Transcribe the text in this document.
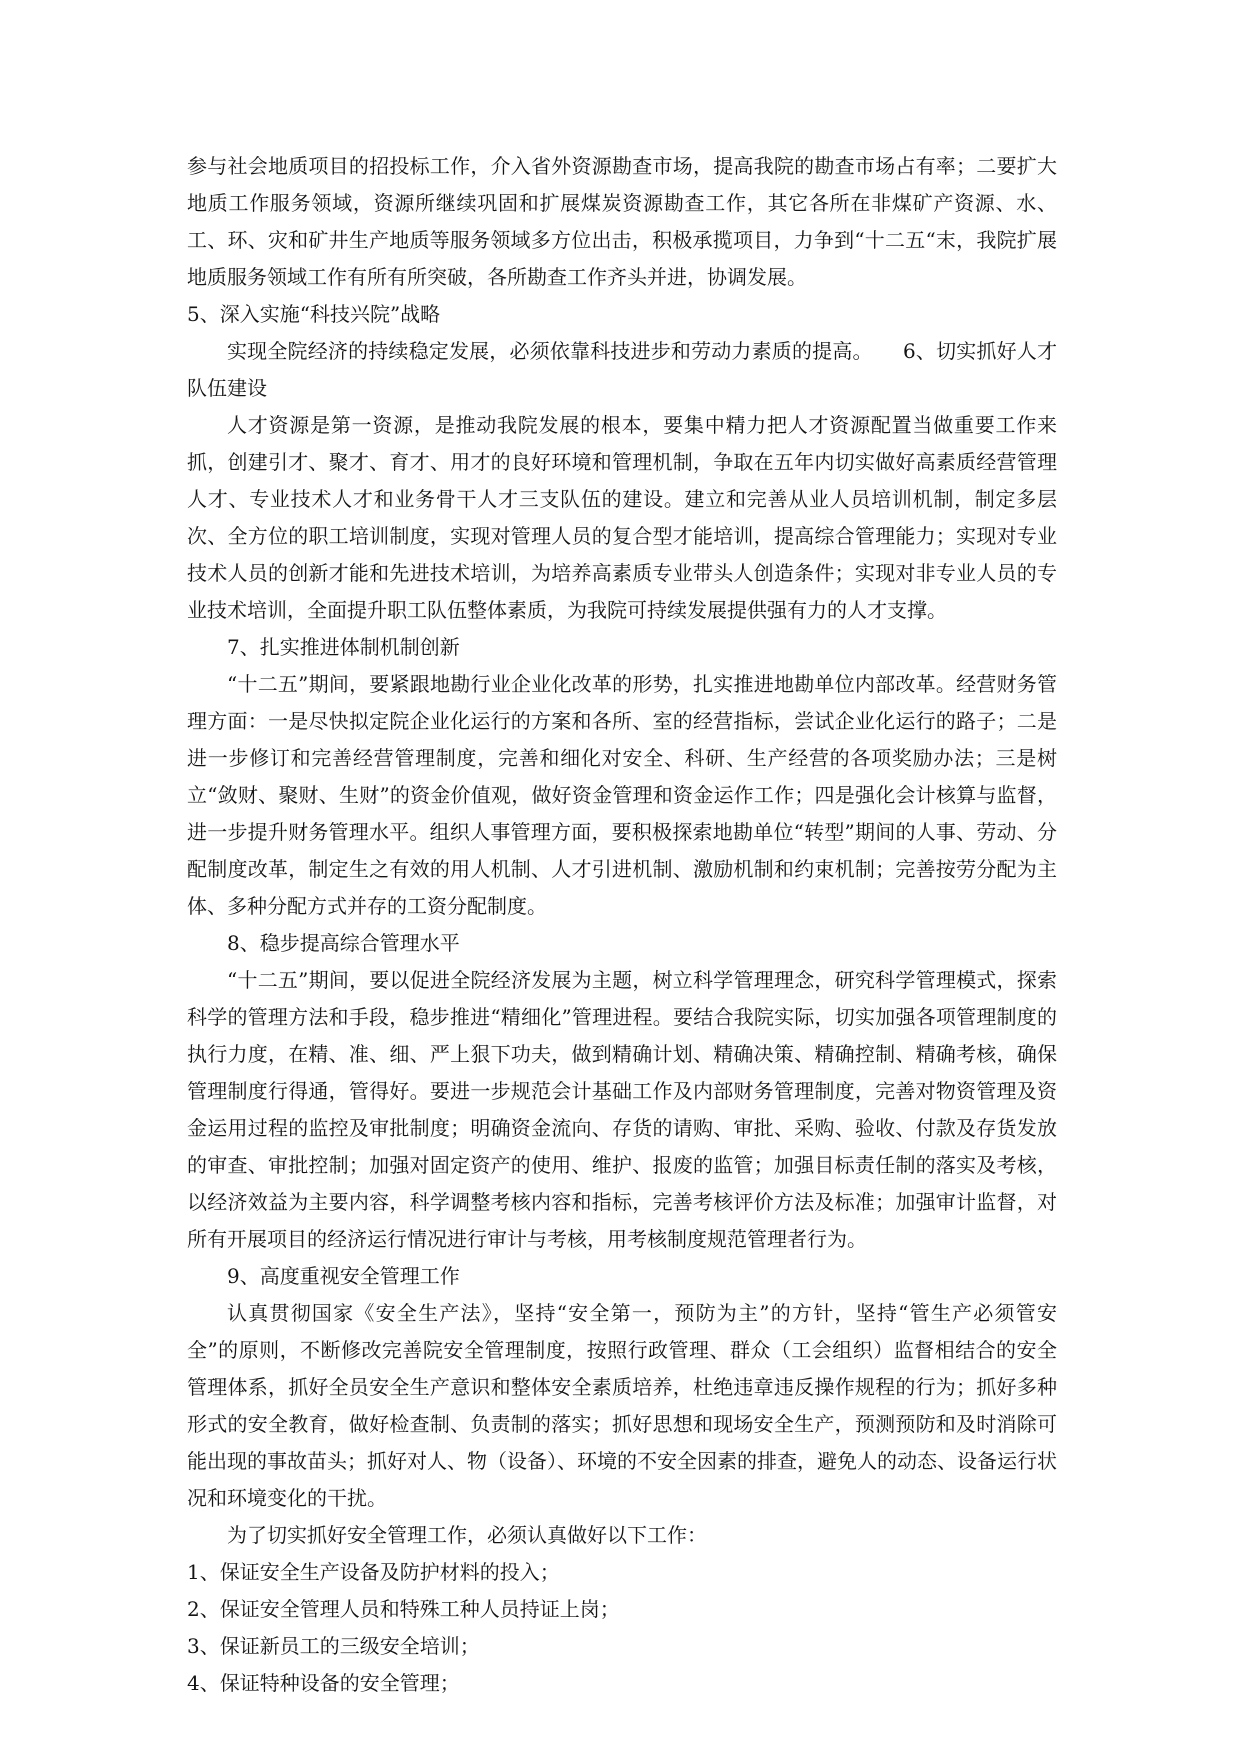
参与社会地质项目的招投标工作，介入省外资源勘查市场，提高我院的勘查市场占有率；二要扩大地质工作服务领域，资源所继续巩固和扩展煤炭资源勘查工作，其它各所在非煤矿产资源、水、工、环、灾和矿井生产地质等服务领域多方位出击，积极承揽项目，力争到“十二五“末，我院扩展地质服务领域工作有所有所突破，各所勘查工作齐头并进，协调发展。

5、深入实施“科技兴院”战略

实现全院经济的持续稳定发展，必须依靠科技进步和劳动力素质的提高。　　6、切实抓好人才队伍建设

人才资源是第一资源，是推动我院发展的根本，要集中精力把人才资源配置当做重要工作来抓，创建引才、聚才、育才、用才的良好环境和管理机制，争取在五年内切实做好高素质经营管理人才、专业技术人才和业务骨干人才三支队伍的建设。建立和完善从业人员培训机制，制定多层次、全方位的职工培训制度，实现对管理人员的复合型才能培训，提高综合管理能力；实现对专业技术人员的创新才能和先进技术培训，为培养高素质专业带头人创造条件；实现对非专业人员的专业技术培训，全面提升职工队伍整体素质，为我院可持续发展提供强有力的人才支撑。

7、扎实推进体制机制创新

“十二五”期间，要紧跟地勘行业企业化改革的形势，扎实推进地勘单位内部改革。经营财务管理方面：一是尽快拟定院企业化运行的方案和各所、室的经营指标，尝试企业化运行的路子；二是进一步修订和完善经营管理制度，完善和细化对安全、科研、生产经营的各项奖励办法；三是树立“敛财、聚财、生财”的资金价值观，做好资金管理和资金运作工作；四是强化会计核算与监督，进一步提升财务管理水平。组织人事管理方面，要积极探索地勘单位“转型”期间的人事、劳动、分配制度改革，制定生之有效的用人机制、人才引进机制、激励机制和约束机制；完善按劳分配为主体、多种分配方式并存的工资分配制度。

8、稳步提高综合管理水平

“十二五”期间，要以促进全院经济发展为主题，树立科学管理理念，研究科学管理模式，探索科学的管理方法和手段，稳步推进“精细化”管理进程。要结合我院实际，切实加强各项管理制度的执行力度，在精、准、细、严上狠下功夫，做到精确计划、精确决策、精确控制、精确考核，确保管理制度行得通，管得好。要进一步规范会计基础工作及内部财务管理制度，完善对物资管理及资金运用过程的监控及审批制度；明确资金流向、存货的请购、审批、采购、验收、付款及存货发放的审查、审批控制；加强对固定资产的使用、维护、报废的监管；加强目标责任制的落实及考核，以经济效益为主要内容，科学调整考核内容和指标，完善考核评价方法及标准；加强审计监督，对所有开展项目的经济运行情况进行审计与考核，用考核制度规范管理者行为。

9、高度重视安全管理工作

认真贯彻国家《安全生产法》，坚持“安全第一，预防为主”的方针，坚持“管生产必须管安全”的原则，不断修改完善院安全管理制度，按照行政管理、群众（工会组织）监督相结合的安全管理体系，抓好全员安全生产意识和整体安全素质培养，杜绝违章违反操作规程的行为；抓好多种形式的安全教育，做好检查制、负责制的落实；抓好思想和现场安全生产，预测预防和及时消除可能出现的事故苗头；抓好对人、物（设备）、环境的不安全因素的排查，避免人的动态、设备运行状况和环境变化的干扰。

为了切实抓好安全管理工作，必须认真做好以下工作：

1、保证安全生产设备及防护材料的投入；

2、保证安全管理人员和特殊工种人员持证上岗；

3、保证新员工的三级安全培训；

4、保证特种设备的安全管理；
